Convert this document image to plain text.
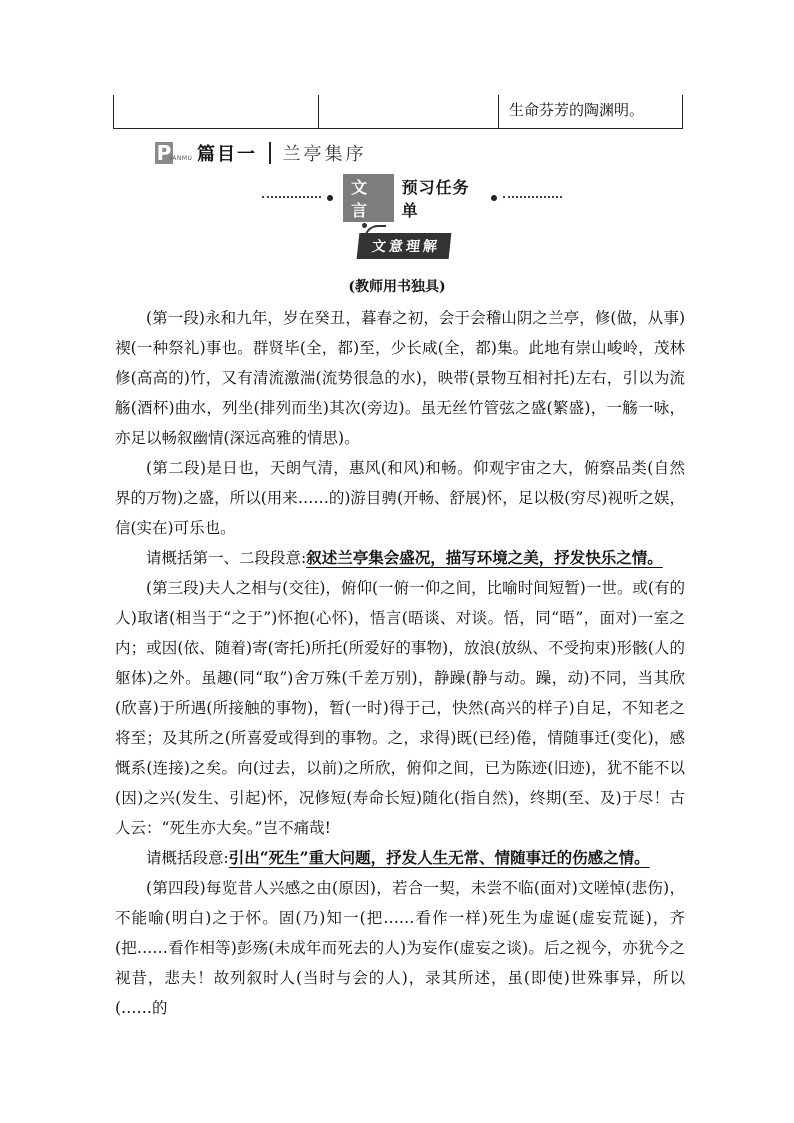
生命芬芳的陶渊明。
P
IANMU 篇目一 兰亭集序
文言
预习任务单
文意理解
(教师用书独具)

(第一段)永和九年，岁在癸丑，暮春之初，会于会稽山阴之兰亭，修(做，从事)禊(一种祭礼)事也。群贤毕(全，都)至，少长咸(全，都)集。此地有崇山峻岭，茂林修(高高的)竹，又有清流激湍(流势很急的水)，映带(景物互相衬托)左右，引以为流觞(酒杯)曲水，列坐(排列而坐)其次(旁边)。虽无丝竹管弦之盛(繁盛)，一觞一咏，亦足以畅叙幽情(深远高雅的情思)。

(第二段)是日也，天朗气清，惠风(和风)和畅。仰观宇宙之大，俯察品类(自然界的万物)之盛，所以(用来……的)游目骋(开畅、舒展)怀，足以极(穷尽)视听之娱，信(实在)可乐也。

请概括第一、二段段意:叙述兰亭集会盛况，描写环境之美，抒发快乐之情。

(第三段)夫人之相与(交往)，俯仰(一俯一仰之间，比喻时间短暂)一世。或(有的人)取诸(相当于“之于”)怀抱(心怀)，悟言(晤谈、对谈。悟，同“晤”，面对)一室之内；或因(依、随着)寄(寄托)所托(所爱好的事物)，放浪(放纵、不受拘束)形骸(人的躯体)之外。虽趣(同“取”)舍万殊(千差万别)，静躁(静与动。躁，动)不同，当其欣(欣喜)于所遇(所接触的事物)，暂(一时)得于己，快然(高兴的样子)自足，不知老之将至；及其所之(所喜爱或得到的事物。之，求得)既(已经)倦，情随事迁(变化)，感慨系(连接)之矣。向(过去，以前)之所欣，俯仰之间，已为陈迹(旧迹)，犹不能不以(因)之兴(发生、引起)怀，况修短(寿命长短)随化(指自然)，终期(至、及)于尽！古人云：“死生亦大矣。”岂不痛哉!

请概括段意:引出“死生”重大问题，抒发人生无常、情随事迁的伤感之情。

(第四段)每览昔人兴感之由(原因)，若合一契，未尝不临(面对)文嗟悼(悲伤)，不能喻(明白)之于怀。固(乃)知一(把……看作一样)死生为虚诞(虚妄荒诞)，齐(把……看作相等)彭殇(未成年而死去的人)为妄作(虚妄之谈)。后之视今，亦犹今之视昔，悲夫！故列叙时人(当时与会的人)，录其所述，虽(即使)世殊事异，所以(……的
